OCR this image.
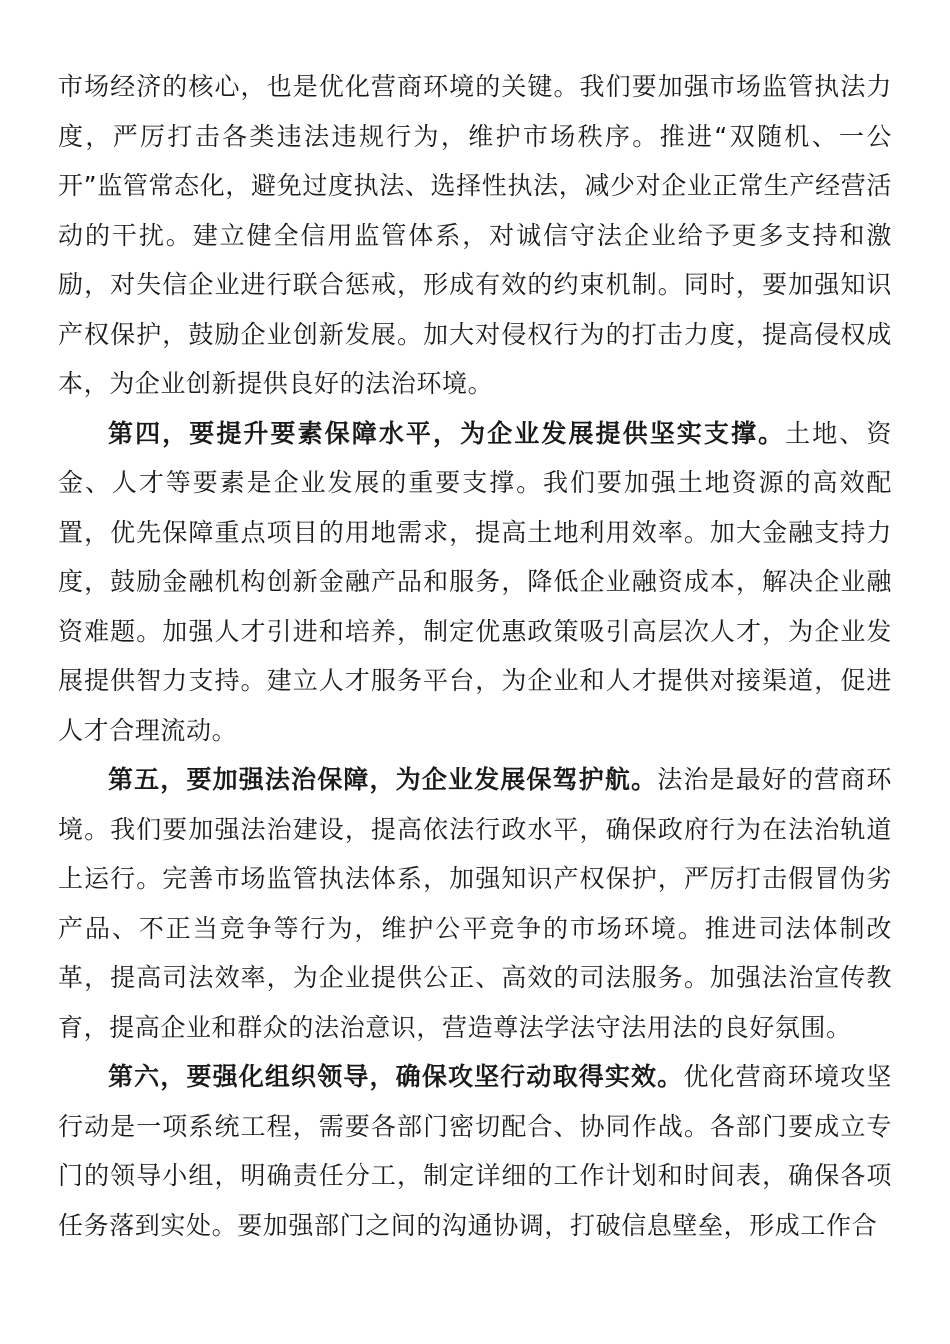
市场经济的核心，也是优化营商环境的关键。我们要加强市场监管执法力度，严厉打击各类违法违规行为，维护市场秩序。推进“双随机、一公开”监管常态化，避免过度执法、选择性执法，减少对企业正常生产经营活动的干扰。建立健全信用监管体系，对诚信守法企业给予更多支持和激励，对失信企业进行联合惩戒，形成有效的约束机制。同时，要加强知识产权保护，鼓励企业创新发展。加大对侵权行为的打击力度，提高侵权成本，为企业创新提供良好的法治环境。

第四，要提升要素保障水平，为企业发展提供坚实支撑。土地、资金、人才等要素是企业发展的重要支撑。我们要加强土地资源的高效配置，优先保障重点项目的用地需求，提高土地利用效率。加大金融支持力度，鼓励金融机构创新金融产品和服务，降低企业融资成本，解决企业融资难题。加强人才引进和培养，制定优惠政策吸引高层次人才，为企业发展提供智力支持。建立人才服务平台，为企业和人才提供对接渠道，促进人才合理流动。

第五，要加强法治保障，为企业发展保驾护航。法治是最好的营商环境。我们要加强法治建设，提高依法行政水平，确保政府行为在法治轨道上运行。完善市场监管执法体系，加强知识产权保护，严厉打击假冒伪劣产品、不正当竞争等行为，维护公平竞争的市场环境。推进司法体制改革，提高司法效率，为企业提供公正、高效的司法服务。加强法治宣传教育，提高企业和群众的法治意识，营造尊法学法守法用法的良好氛围。

第六，要强化组织领导，确保攻坚行动取得实效。优化营商环境攻坚行动是一项系统工程，需要各部门密切配合、协同作战。各部门要成立专门的领导小组，明确责任分工，制定详细的工作计划和时间表，确保各项任务落到实处。要加强部门之间的沟通协调，打破信息壁垒，形成工作合
